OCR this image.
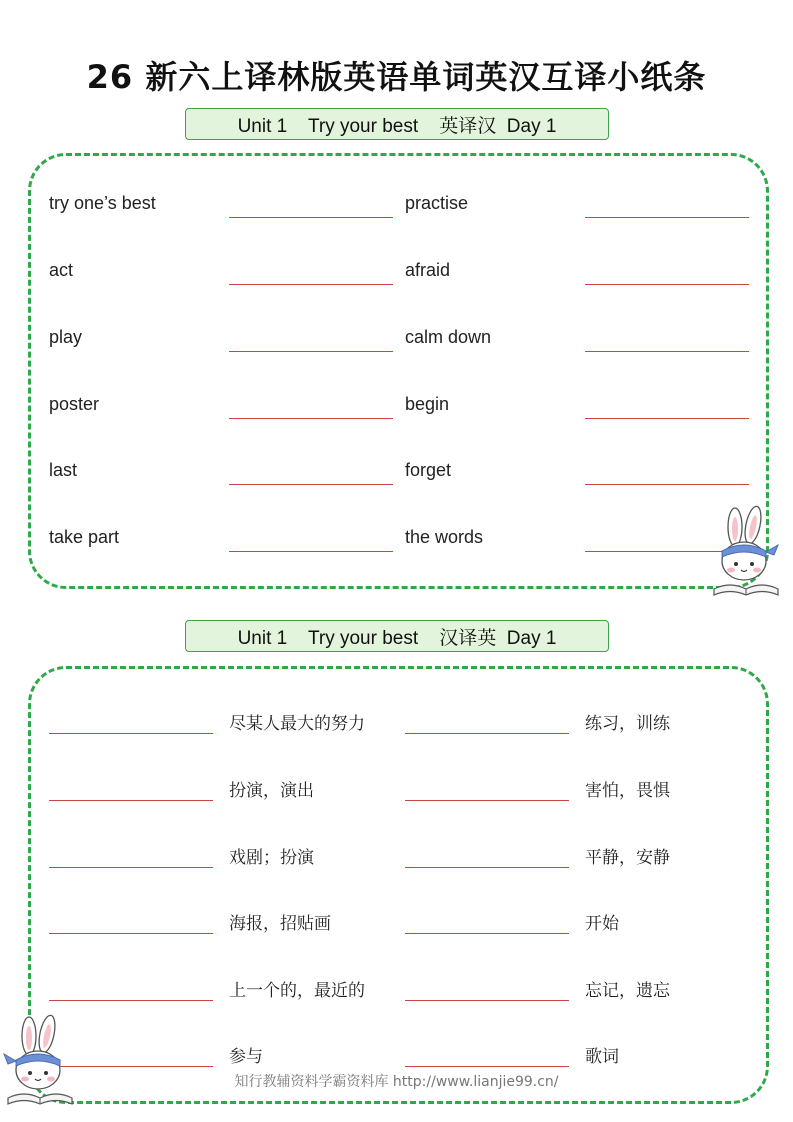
26 新六上译林版英语单词英汉互译小纸条
Unit 1    Try your best    英译汉  Day 1
try one’s best	practise
act	afraid
play	calm down
poster	begin
last	forget
take part	the words
Unit 1    Try your best    汉译英  Day 1
尽某人最大的努力	练习，训练
扮演，演出	害怕，畏惧
戏剧；扮演	平静，安静
海报，招贴画	开始
上一个的，最近的	忘记，遗忘
参与	歌词
知行教辅资料学霸资料库 http://www.lianjie99.cn/
